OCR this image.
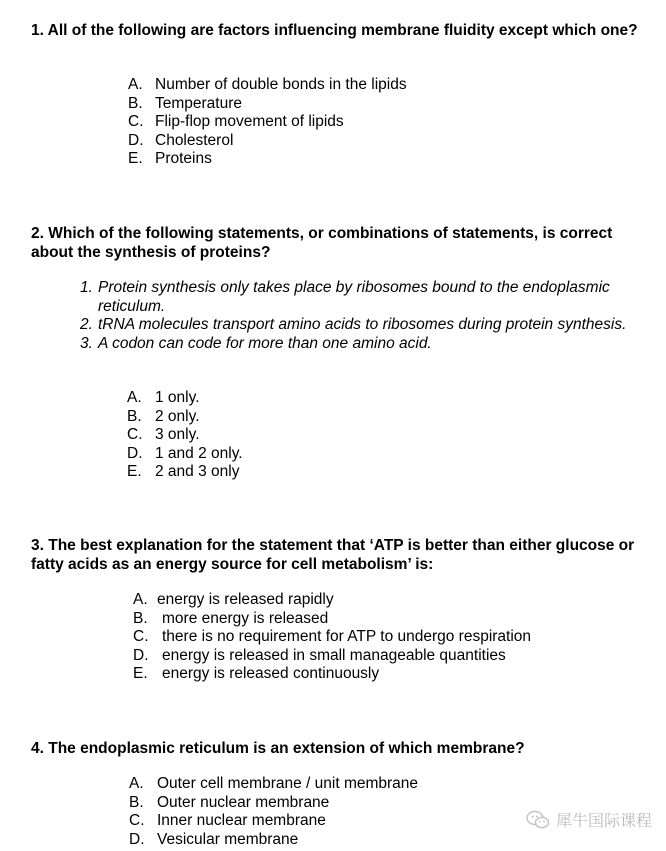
1. All of the following are factors influencing membrane fluidity except which one?

A. Number of double bonds in the lipids
B. Temperature
C. Flip-flop movement of lipids
D. Cholesterol
E. Proteins

2. Which of the following statements, or combinations of statements, is correct about the synthesis of proteins?

1. Protein synthesis only takes place by ribosomes bound to the endoplasmic reticulum.
2. tRNA molecules transport amino acids to ribosomes during protein synthesis.
3. A codon can code for more than one amino acid.
A. 1 only.
B. 2 only.
C. 3 only.
D. 1 and 2 only.
E. 2 and 3 only

3. The best explanation for the statement that ‘ATP is better than either glucose or fatty acids as an energy source for cell metabolism’ is:

A. energy is released rapidly
B. more energy is released
C. there is no requirement for ATP to undergo respiration
D. energy is released in small manageable quantities
E. energy is released continuously

4. The endoplasmic reticulum is an extension of which membrane?

A. Outer cell membrane / unit membrane
B. Outer nuclear membrane
C. Inner nuclear membrane
D. Vesicular membrane
犀牛国际课程
